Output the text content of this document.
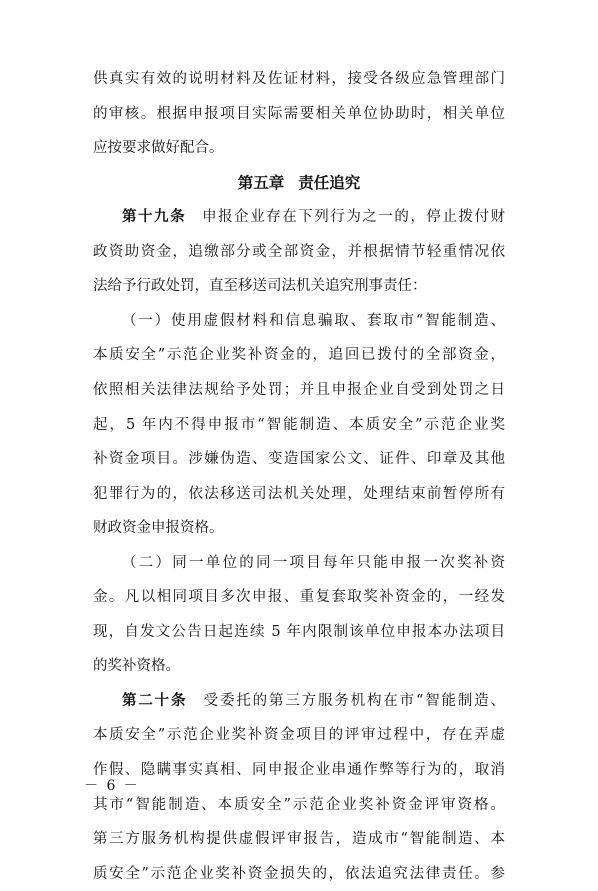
供真实有效的说明材料及佐证材料，接受各级应急管理部门
的审核。根据申报项目实际需要相关单位协助时，相关单位
应按要求做好配合。
第五章 责任追究
第十九条　 申报企业存在下列行为之一的，停止拨付财
政资助资金，追缴部分或全部资金，并根据情节轻重情况依
法给予行政处罚，直至移送司法机关追究刑事责任：
（一）使用虚假材料和信息骗取、套取市“智能制造、
本质安全”示范企业奖补资金的，追回已拨付的全部资金，
依照相关法律法规给予处罚；并且申报企业自受到处罚之日
起，5 年内不得申报市“智能制造、本质安全”示范企业奖
补资金项目。涉嫌伪造、变造国家公文、证件、印章及其他
犯罪行为的，依法移送司法机关处理，处理结束前暂停所有
财政资金申报资格。
（二）同一单位的同一项目每年只能申报一次奖补资
金。凡以相同项目多次申报、重复套取奖补资金的，一经发
现，自发文公告日起连续 5 年内限制该单位申报本办法项目
的奖补资格。
第二十条　 受委托的第三方服务机构在市“智能制造、
本质安全”示范企业奖补资金项目的评审过程中，存在弄虚
作假、隐瞒事实真相、同申报企业串通作弊等行为的，取消
其市“智能制造、本质安全”示范企业奖补资金评审资格。
第三方服务机构提供虚假评审报告，造成市“智能制造、本
质安全”示范企业奖补资金损失的，依法追究法律责任。参
－ 6 －
